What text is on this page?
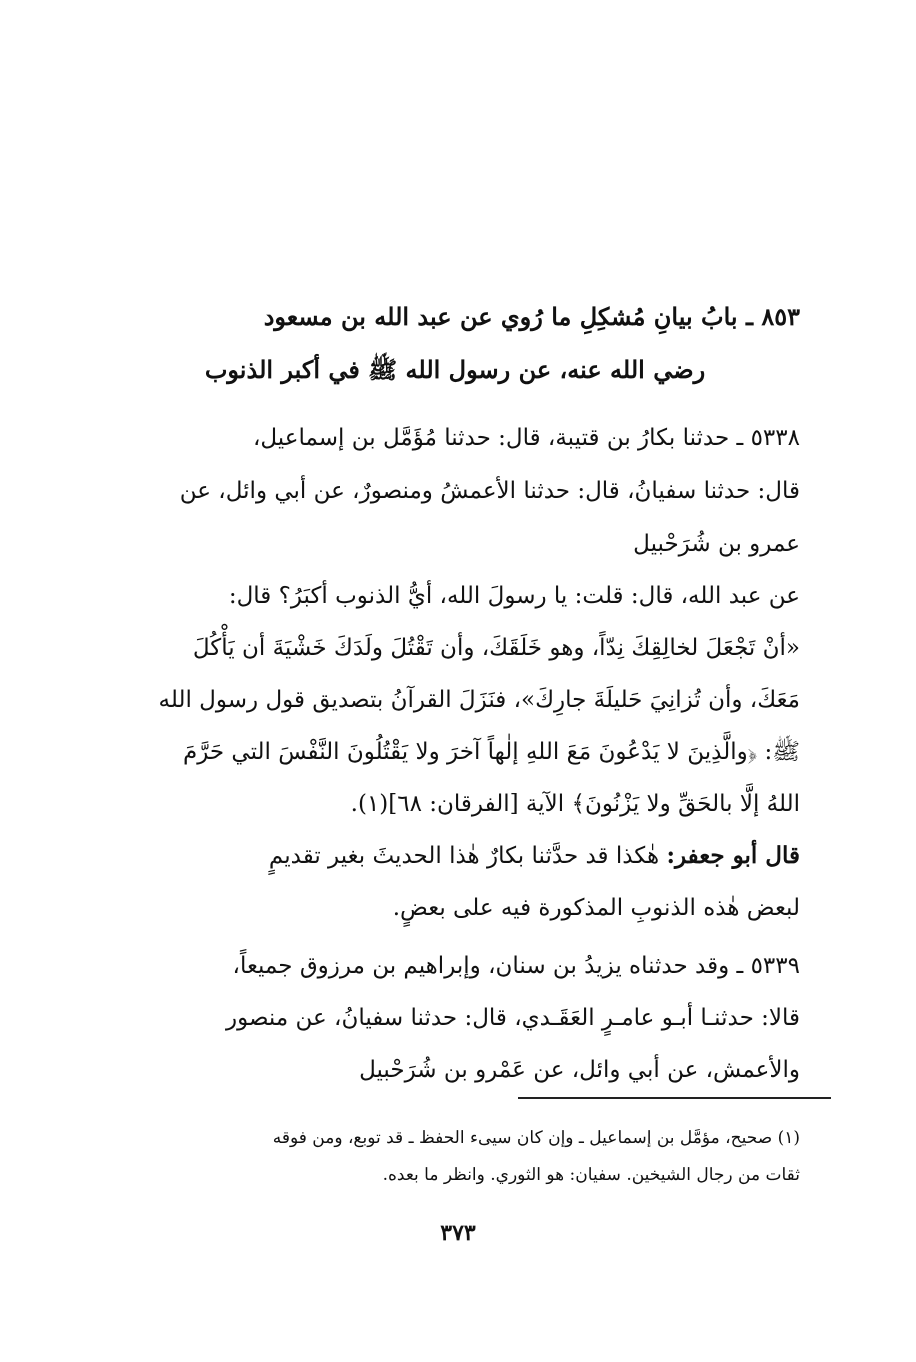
٨٥٣ ـ بابُ بيانِ مُشكِلِ ما رُوي عن عبد الله بن مسعود
رضي الله عنه، عن رسول الله ﷺ في أكبر الذنوب
٥٣٣٨ ـ حدثنا بكارُ بن قتيبة، قال: حدثنا مُؤَمَّل بن إسماعيل،
قال: حدثنا سفيانُ، قال: حدثنا الأعمشُ ومنصورٌ، عن أبي وائل، عن
عمرو بن شُرَحْبيل
عن عبد الله، قال: قلت: يا رسولَ الله، أيُّ الذنوب أكبَرُ؟ قال:
«أنْ تَجْعَلَ لخالِقِكَ نِدّاً، وهو خَلَقَكَ، وأن تَقْتُلَ ولَدَكَ خَشْيَةَ أن يَأْكُلَ
مَعَكَ، وأن تُزانِيَ حَليلَةَ جارِكَ»، فنَزَلَ القرآنُ بتصديق قول رسول الله
ﷺ: ﴿والَّذِينَ لا يَدْعُونَ مَعَ اللهِ إلٰهاً آخرَ ولا يَقْتُلُونَ النَّفْسَ التي حَرَّمَ
اللهُ إلَّا بالحَقِّ ولا يَزْنُونَ﴾ الآية [الفرقان: ٦٨](١).
قال أبو جعفر: هٰكذا قد حدَّثنا بكارٌ هٰذا الحديثَ بغير تقديمٍ
لبعض هٰذه الذنوبِ المذكورة فيه على بعضٍ.
٥٣٣٩ ـ وقد حدثناه يزيدُ بن سنان، وإبراهيم بن مرزوق جميعاً،
قالا: حدثنـا أبـو عامـرٍ العَقَـدي، قال: حدثنا سفيانُ، عن منصور
والأعمش، عن أبي وائل، عن عَمْرو بن شُرَحْبيل
(١) صحيح، مؤمَّل بن إسماعيل ـ وإن كان سيىء الحفظ ـ قد توبع، ومن فوقه
ثقات من رجال الشيخين. سفيان: هو الثوري. وانظر ما بعده.
٣٧٣
